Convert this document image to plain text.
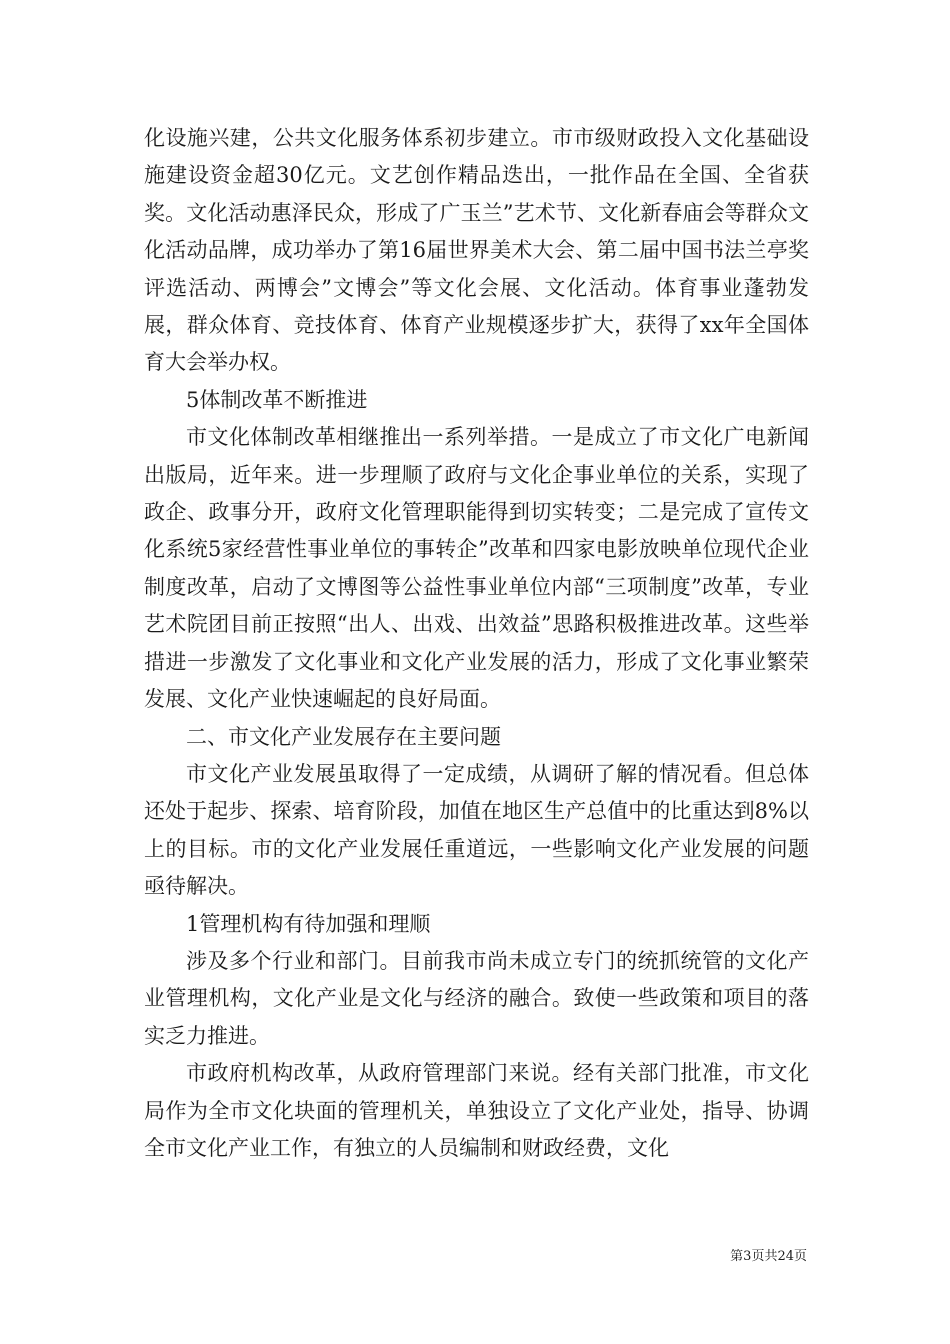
化设施兴建，公共文化服务体系初步建立。市市级财政投入文化基础设施建设资金超30亿元。文艺创作精品迭出，一批作品在全国、全省获奖。文化活动惠泽民众，形成了广玉兰”艺术节、文化新春庙会等群众文化活动品牌，成功举办了第16届世界美术大会、第二届中国书法兰亭奖评选活动、两博会”文博会”等文化会展、文化活动。体育事业蓬勃发展，群众体育、竞技体育、体育产业规模逐步扩大，获得了xx年全国体育大会举办权。

5体制改革不断推进

市文化体制改革相继推出一系列举措。一是成立了市文化广电新闻出版局，近年来。进一步理顺了政府与文化企事业单位的关系，实现了政企、政事分开，政府文化管理职能得到切实转变；二是完成了宣传文化系统5家经营性事业单位的事转企”改革和四家电影放映单位现代企业制度改革，启动了文博图等公益性事业单位内部“三项制度”改革，专业艺术院团目前正按照“出人、出戏、出效益”思路积极推进改革。这些举措进一步激发了文化事业和文化产业发展的活力，形成了文化事业繁荣发展、文化产业快速崛起的良好局面。

二、市文化产业发展存在主要问题

市文化产业发展虽取得了一定成绩，从调研了解的情况看。但总体还处于起步、探索、培育阶段，加值在地区生产总值中的比重达到8%以上的目标。市的文化产业发展任重道远，一些影响文化产业发展的问题亟待解决。

1管理机构有待加强和理顺

涉及多个行业和部门。目前我市尚未成立专门的统抓统管的文化产业管理机构，文化产业是文化与经济的融合。致使一些政策和项目的落实乏力推进。

市政府机构改革，从政府管理部门来说。经有关部门批准，市文化局作为全市文化块面的管理机关，单独设立了文化产业处，指导、协调全市文化产业工作，有独立的人员编制和财政经费，文化

第3页共24页
